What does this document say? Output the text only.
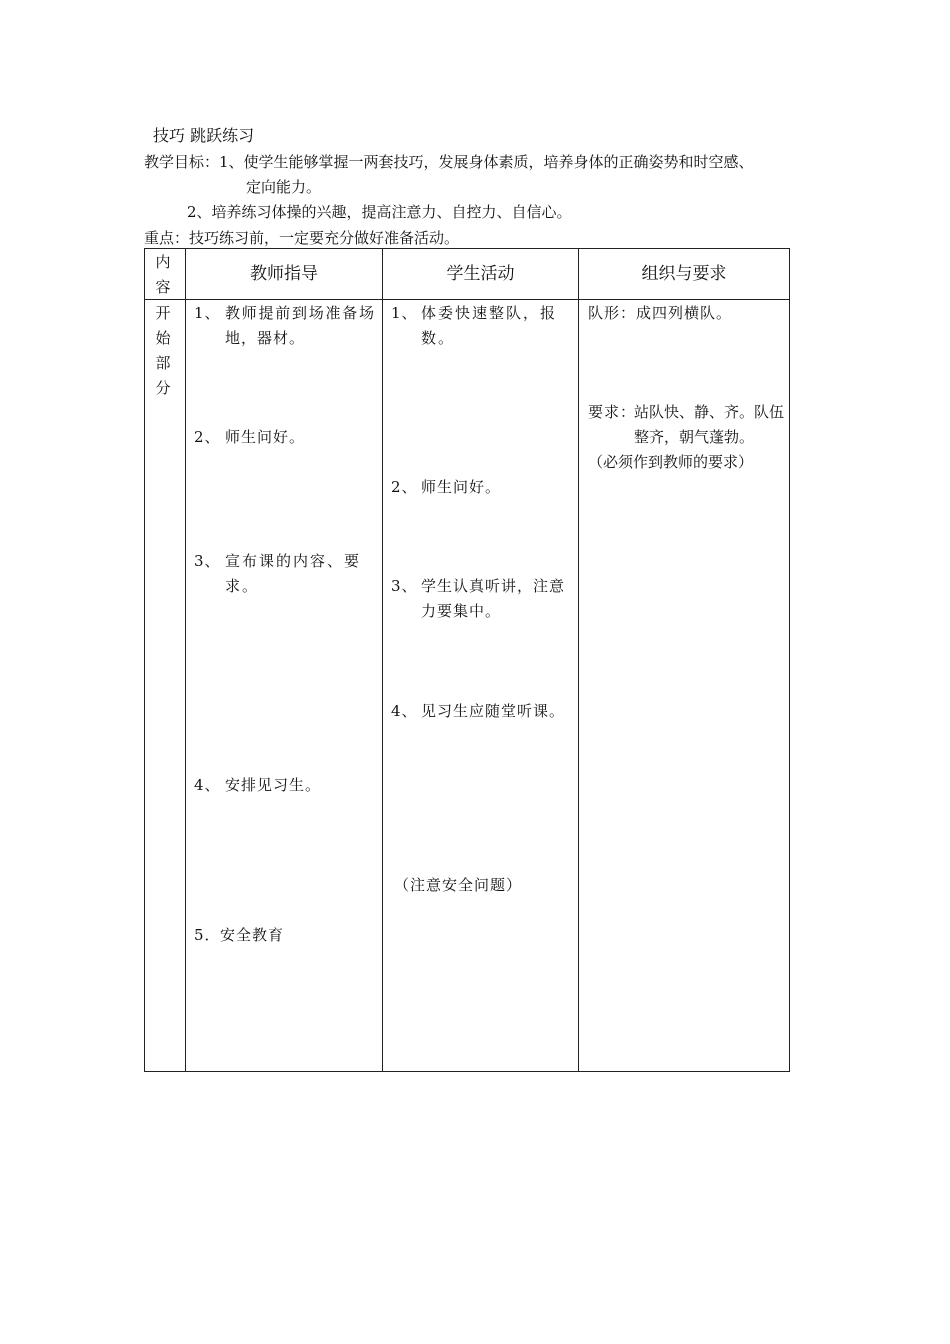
技巧 跳跃练习
教学目标：1、使学生能够掌握一两套技巧，发展身体素质，培养身体的正确姿势和时空感、
定向能力。
2、培养练习体操的兴趣，提高注意力、自控力、自信心。
重点：技巧练习前，一定要充分做好准备活动。
内容
教师指导	学生活动	组织与要求
开始部分
1、 教师提前到场准备场地，器材。
2、 师生问好。
3、 宣布课的内容、要求。
4、 安排见习生。
5． 安全教育
1、 体委快速整队，报数。
2、 师生问好。
3、 学生认真听讲，注意力要集中。
4、 见习生应随堂听课。
（注意安全问题）
队形：成四列横队。
要求：
站队快、静、齐。队伍整齐，朝气蓬勃。
（必须作到教师的要求）
